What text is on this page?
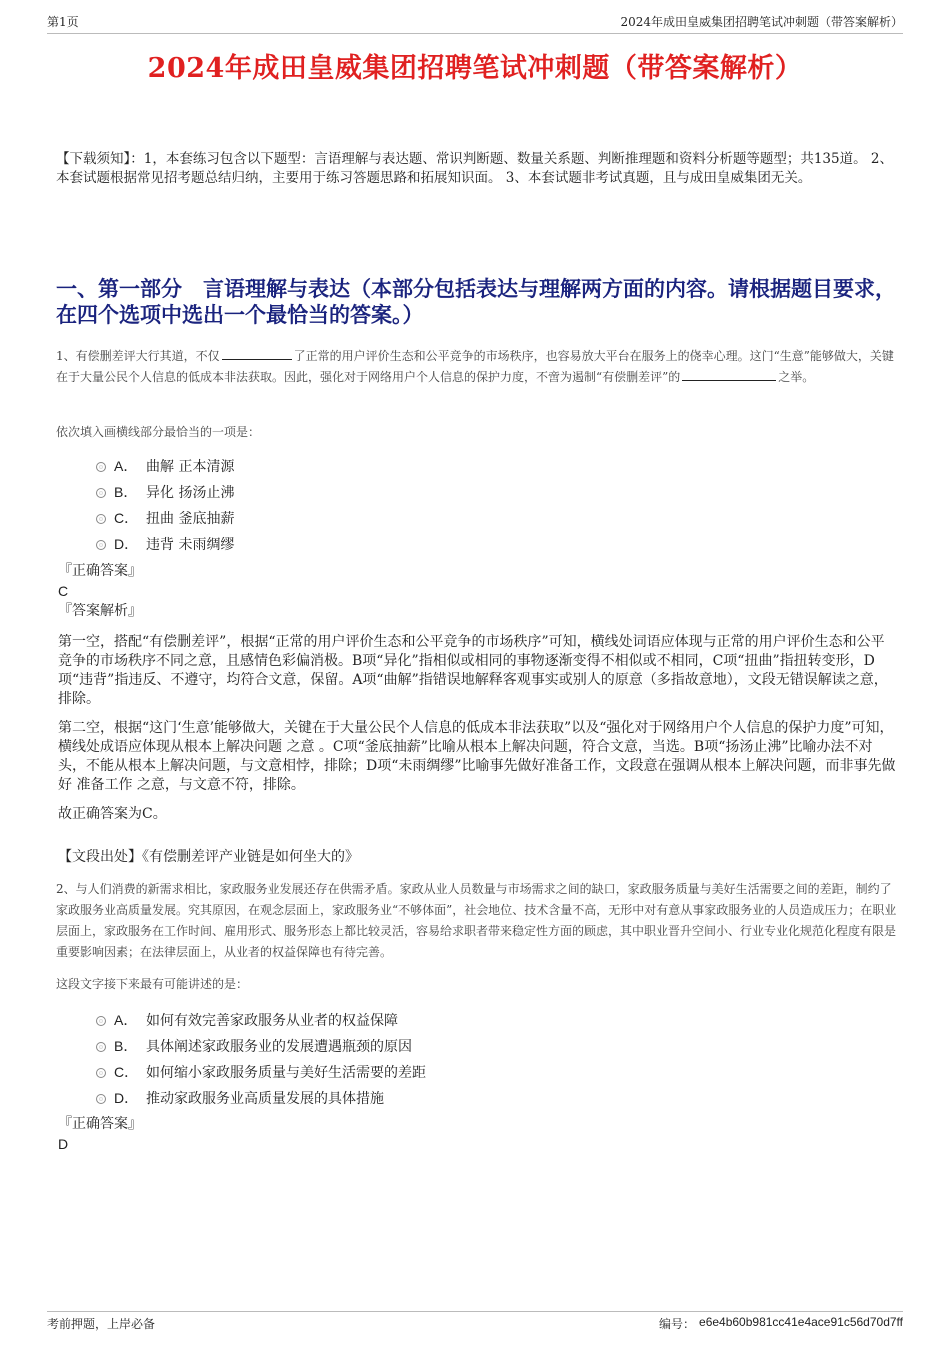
第1页	2024年成田皇威集团招聘笔试冲刺题（带答案解析）
2024年成田皇威集团招聘笔试冲刺题（带答案解析）

【下载须知】：1，本套练习包含以下题型：言语理解与表达题、常识判断题、数量关系题、判断推理题和资料分析题等题型；共135道。 2、本套试题根据常见招考题总结归纳，主要用于练习答题思路和拓展知识面。 3、本套试题非考试真题，且与成田皇威集团无关。

一、第一部分　言语理解与表达（本部分包括表达与理解两方面的内容。请根据题目要求，在四个选项中选出一个最恰当的答案。）

1、有偿删差评大行其道，不仅	了正常的用户评价生态和公平竞争的市场秩序，也容易放大平台在服务上的侥幸心理。这门“生意”能够做大，关键在于大量公民个人信息的低成本非法获取。因此，强化对于网络用户个人信息的保护力度，不啻为遏制“有偿删差评”的	之举。

依次填入画横线部分最恰当的一项是：

A． 曲解 正本清源
B． 异化 扬汤止沸
C． 扭曲 釜底抽薪
D． 违背 未雨绸缪
『正确答案』
C
『答案解析』

第一空，搭配“有偿删差评”，根据“正常的用户评价生态和公平竞争的市场秩序”可知，横线处词语应体现与正常的用户评价生态和公平竞争的市场秩序不同之意，且感情色彩偏消极。B项“异化”指相似或相同的事物逐渐变得不相似或不相同，C项“扭曲”指扭转变形，D项“违背”指违反、不遵守，均符合文意，保留。A项“曲解”指错误地解释客观事实或别人的原意（多指故意地），文段无错误解读之意，排除。

第二空，根据“这门‘生意’能够做大，关键在于大量公民个人信息的低成本非法获取”以及“强化对于网络用户个人信息的保护力度”可知，横线处成语应体现从根本上解决问题 之意 。C项“釜底抽薪”比喻从根本上解决问题，符合文意，当选。B项“扬汤止沸”比喻办法不对头，不能从根本上解决问题，与文意相悖，排除；D项“未雨绸缪”比喻事先做好准备工作，文段意在强调从根本上解决问题，而非事先做好 准备工作 之意，与文意不符，排除。

故正确答案为C。

【文段出处】《有偿删差评产业链是如何坐大的》

2、与人们消费的新需求相比，家政服务业发展还存在供需矛盾。家政从业人员数量与市场需求之间的缺口，家政服务质量与美好生活需要之间的差距，制约了家政服务业高质量发展。究其原因，在观念层面上，家政服务业“不够体面”，社会地位、技术含量不高，无形中对有意从事家政服务业的人员造成压力；在职业层面上，家政服务在工作时间、雇用形式、服务形态上都比较灵活，容易给求职者带来稳定性方面的顾虑，其中职业晋升空间小、行业专业化规范化程度有限是重要影响因素；在法律层面上，从业者的权益保障也有待完善。

这段文字接下来最有可能讲述的是：

A． 如何有效完善家政服务从业者的权益保障
B． 具体阐述家政服务业的发展遭遇瓶颈的原因
C． 如何缩小家政服务质量与美好生活需要的差距
D． 推动家政服务业高质量发展的具体措施
『正确答案』
D
考前押题，上岸必备	编号： e6e4b60b981cc41e4ace91c56d70d7ff
